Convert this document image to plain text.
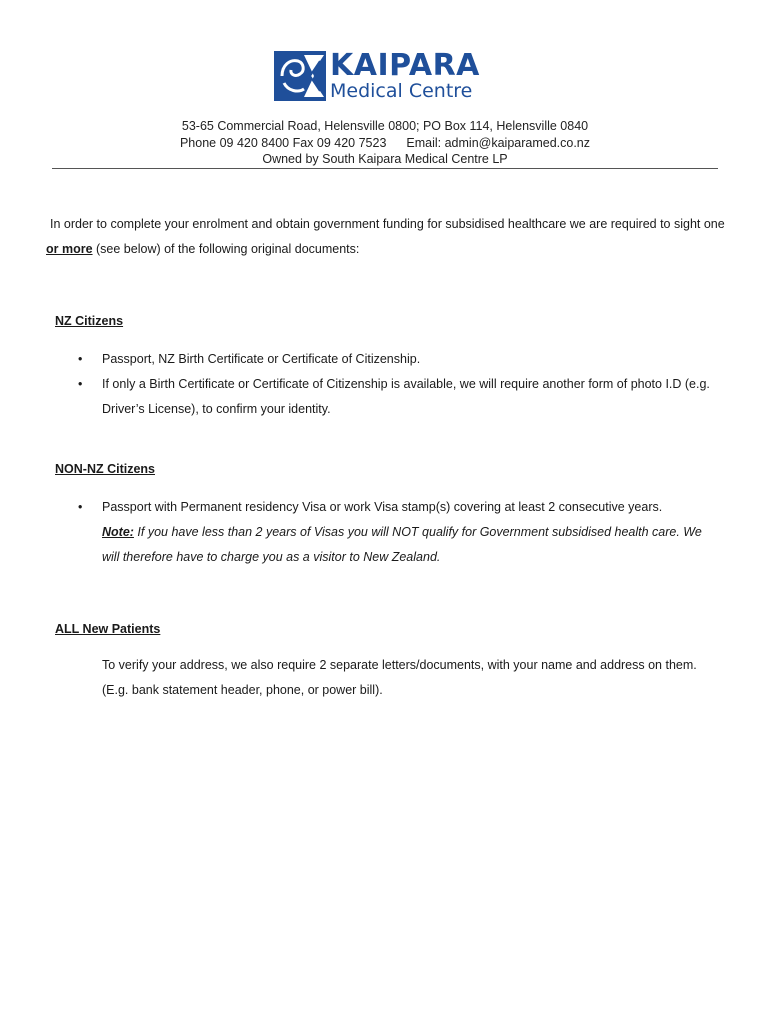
KAIPARA
Medical Centre
53-65 Commercial Road, Helensville 0800; PO Box 114, Helensville 0840
Phone 09 420 8400 Fax 09 420 7523 Email: admin@kaiparamed.co.nz
Owned by South Kaipara Medical Centre LP
In order to complete your enrolment and obtain government funding for subsidised healthcare we are required to sight one or more (see below) of the following original documents:
NZ Citizens
• Passport, NZ Birth Certificate or Certificate of Citizenship.
• If only a Birth Certificate or Certificate of Citizenship is available, we will require another form of photo I.D (e.g. Driver’s License), to confirm your identity.
NON-NZ Citizens
• Passport with Permanent residency Visa or work Visa stamp(s) covering at least 2 consecutive years.
Note: If you have less than 2 years of Visas you will NOT qualify for Government subsidised health care. We will therefore have to charge you as a visitor to New Zealand.
ALL New Patients
To verify your address, we also require 2 separate letters/documents, with your name and address on them. (E.g. bank statement header, phone, or power bill).
